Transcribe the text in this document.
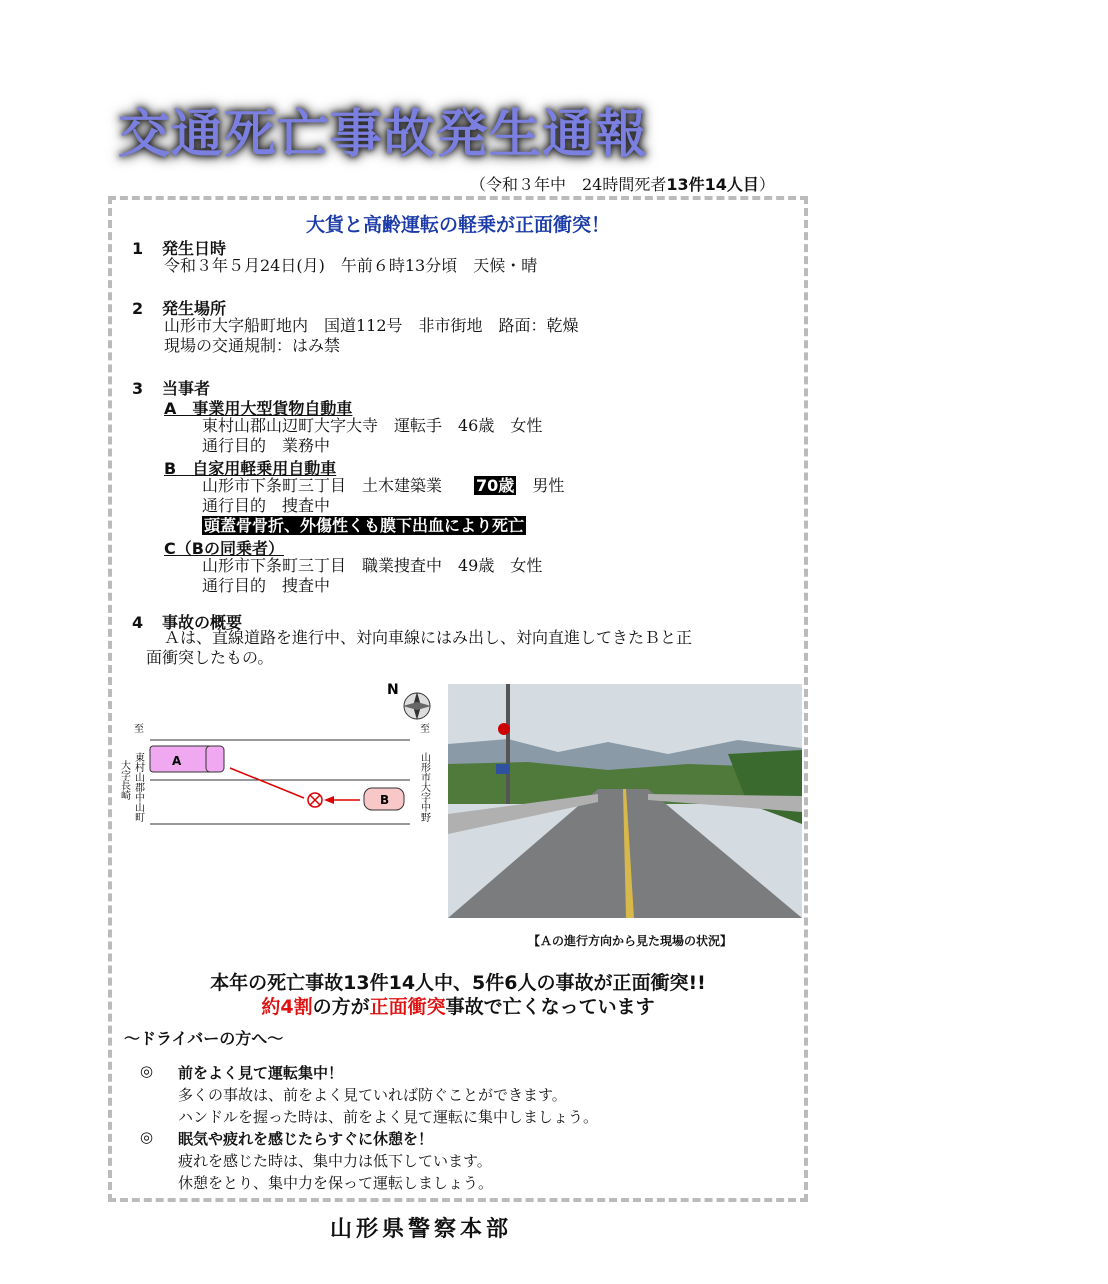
交通死亡事故発生通報
（令和３年中　24時間死者13件14人目）
大貨と高齢運転の軽乗が正面衝突！
1 発生日時
令和３年５月24日(月)　午前６時13分頃　天候・晴
2 発生場所
山形市大字船町地内　国道112号　非市街地　路面：乾燥
現場の交通規制：はみ禁
3 当事者
A　事業用大型貨物自動車
東村山郡山辺町大字大寺　運転手　46歳　女性
通行目的　業務中
B　自家用軽乗用自動車
山形市下条町三丁目　土木建築業　　 70歳　 男性
通行目的　捜査中
頭蓋骨骨折、外傷性くも膜下出血により死亡
C（Bの同乗者）
山形市下条町三丁目　職業捜査中　49歳　女性
通行目的　捜査中
4 事故の概要
Ａは、直線道路を進行中、対向車線にはみ出し、対向直進してきたＢと正
面衝突したもの。
N
至
東村山郡中山町
大字長崎
至
山形市大字中野
A
B
【Ａの進行方向から見た現場の状況】
本年の死亡事故13件14人中、5件6人の事故が正面衝突!!
約4割の方が正面衝突事故で亡くなっています
～ドライバーの方へ～
◎ 前をよく見て運転集中！
多くの事故は、前をよく見ていれば防ぐことができます。
ハンドルを握った時は、前をよく見て運転に集中しましょう。
◎ 眠気や疲れを感じたらすぐに休憩を！
疲れを感じた時は、集中力は低下しています。
休憩をとり、集中力を保って運転しましょう。
山形県警察本部
